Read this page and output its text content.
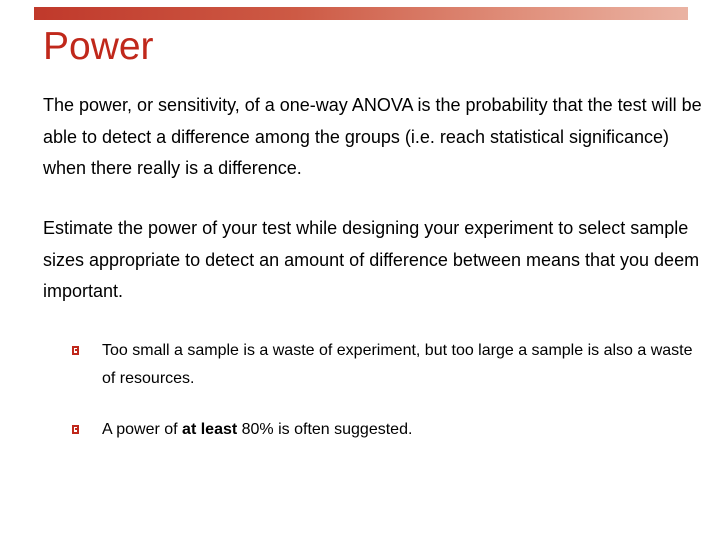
Power

The power, or sensitivity, of a one-way ANOVA is the probability that the test will be able to detect a difference among the groups (i.e. reach statistical significance) when there really is a difference.

Estimate the power of your test while designing your experiment to select sample sizes appropriate to detect an amount of difference between means that you deem important.

Too small a sample is a waste of experiment, but too large a sample is also a waste of resources.

A power of at least 80% is often suggested.
